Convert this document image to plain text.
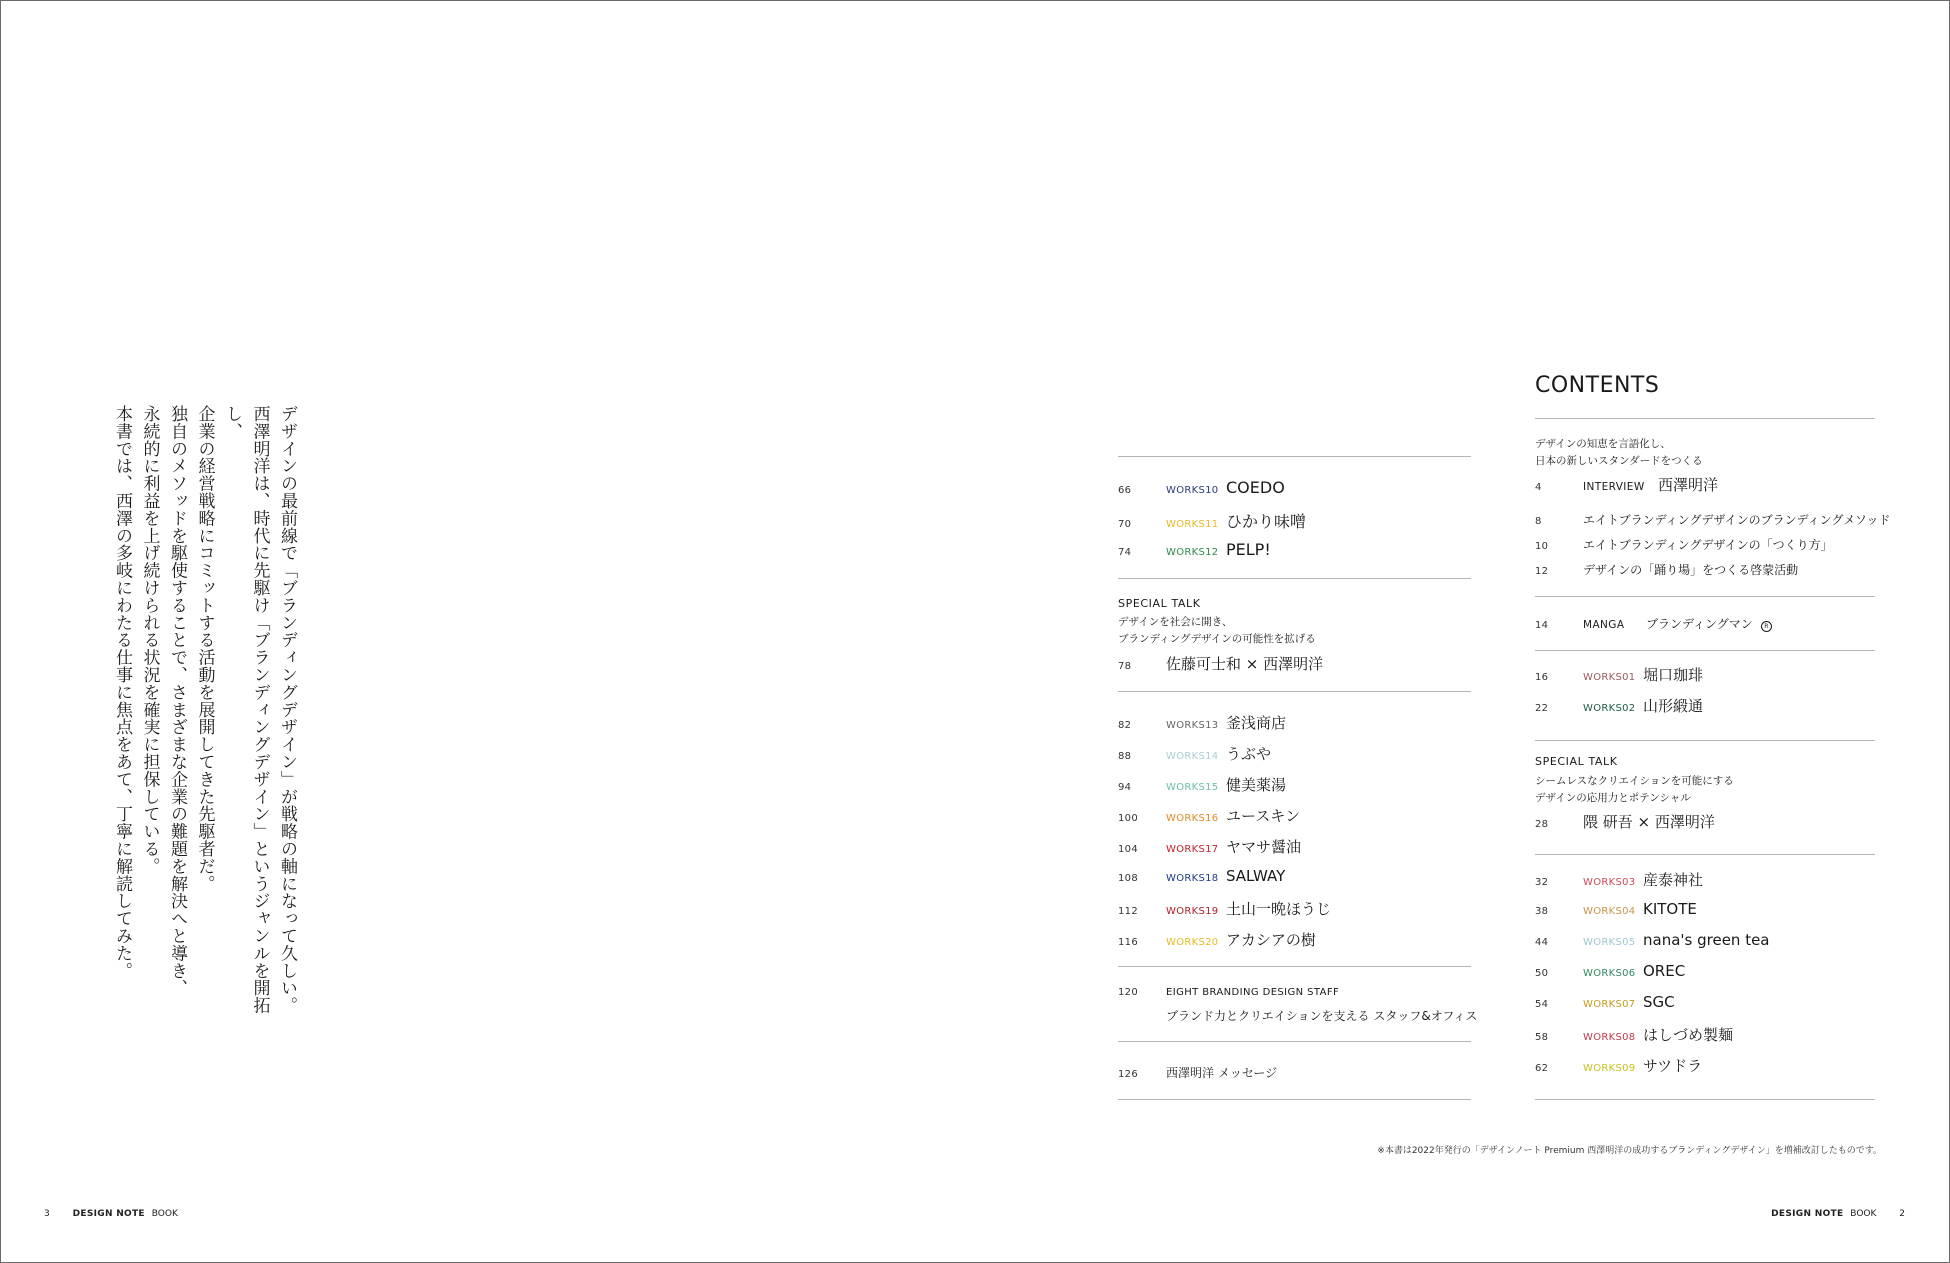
デザインの最前線で「ブランディングデザイン」が戦略の軸になって久しい。
西澤明洋は、時代に先駆け「ブランディングデザイン」というジャンルを開拓し、
企業の経営戦略にコミットする活動を展開してきた先駆者だ。
独自のメソッドを駆使することで、さまざまな企業の難題を解決へと導き、
永続的に利益を上げ続けられる状況を確実に担保している。
本書では、西澤の多岐にわたる仕事に焦点をあて、丁寧に解読してみた。
CONTENTS
デザインの知恵を言語化し、
日本の新しいスタンダードをつくる
4	INTERVIEW 西澤明洋
8	エイトブランディングデザインのブランディングメソッド
10	エイトブランディングデザインの「つくり方」
12	デザインの「踊り場」をつくる啓蒙活動
14	MANGA	ブランディングマン	R
16	WORKS01 堀口珈琲
22	WORKS02 山形緞通
SPECIAL TALK
シームレスなクリエイションを可能にする
デザインの応用力とポテンシャル
28	隈 研吾 × 西澤明洋
32	WORKS03 産泰神社
38	WORKS04 KITOTE
44	WORKS05 nana's green tea
50	WORKS06 OREC
54	WORKS07 SGC
58	WORKS08 はしづめ製麺
62	WORKS09 サツドラ
66	WORKS10 COEDO
70	WORKS11 ひかり味噌
74	WORKS12 PELP!
SPECIAL TALK
デザインを社会に開き、
ブランディングデザインの可能性を拡げる
78	佐藤可士和 × 西澤明洋
82	WORKS13 釜浅商店
88	WORKS14 うぶや
94	WORKS15 健美薬湯
100	WORKS16 ユースキン
104	WORKS17 ヤマサ醤油
108	WORKS18 SALWAY
112	WORKS19 土山一晩ほうじ
116	WORKS20 アカシアの樹
120	EIGHT BRANDING DESIGN STAFF
ブランド力とクリエイションを支える スタッフ&オフィス
126	西澤明洋 メッセージ
※本書は2022年発行の「デザインノート Premium 西澤明洋の成功するブランディングデザイン」を増補改訂したものです。
3	DESIGN NOTE BOOK	DESIGN NOTE BOOK	2
